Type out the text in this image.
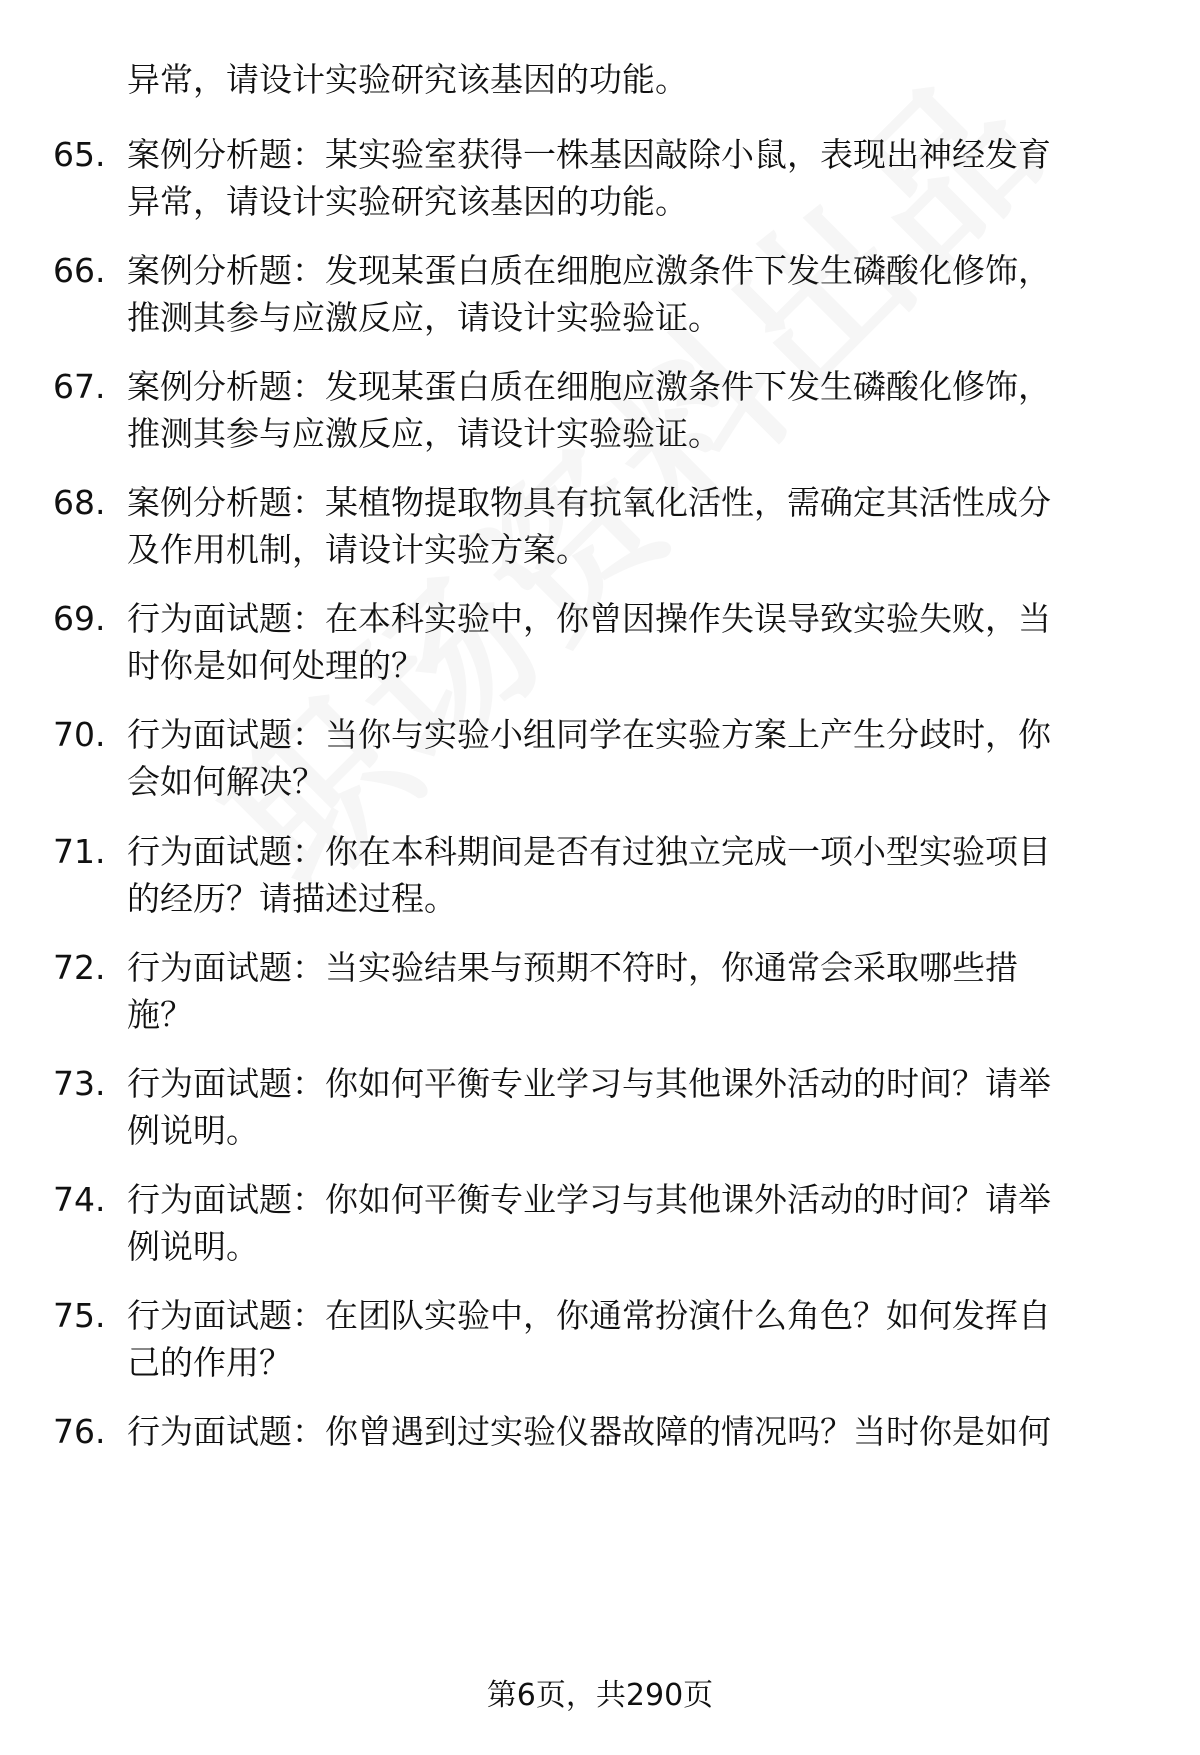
异常，请设计实验研究该基因的功能。
65. 案例分析题：某实验室获得一株基因敲除小鼠，表现出神经发育
异常，请设计实验研究该基因的功能。
66. 案例分析题：发现某蛋白质在细胞应激条件下发生磷酸化修饰，
推测其参与应激反应，请设计实验验证。
67. 案例分析题：发现某蛋白质在细胞应激条件下发生磷酸化修饰，
推测其参与应激反应，请设计实验验证。
68. 案例分析题：某植物提取物具有抗氧化活性，需确定其活性成分
及作用机制，请设计实验方案。
69. 行为面试题：在本科实验中，你曾因操作失误导致实验失败，当
时你是如何处理的？
70. 行为面试题：当你与实验小组同学在实验方案上产生分歧时，你
会如何解决？
71. 行为面试题：你在本科期间是否有过独立完成一项小型实验项目
的经历？请描述过程。
72. 行为面试题：当实验结果与预期不符时，你通常会采取哪些措
施？
73. 行为面试题：你如何平衡专业学习与其他课外活动的时间？请举
例说明。
74. 行为面试题：你如何平衡专业学习与其他课外活动的时间？请举
例说明。
75. 行为面试题：在团队实验中，你通常扮演什么角色？如何发挥自
己的作用？
76. 行为面试题：你曾遇到过实验仪器故障的情况吗？当时你是如何
第6页，共290页
